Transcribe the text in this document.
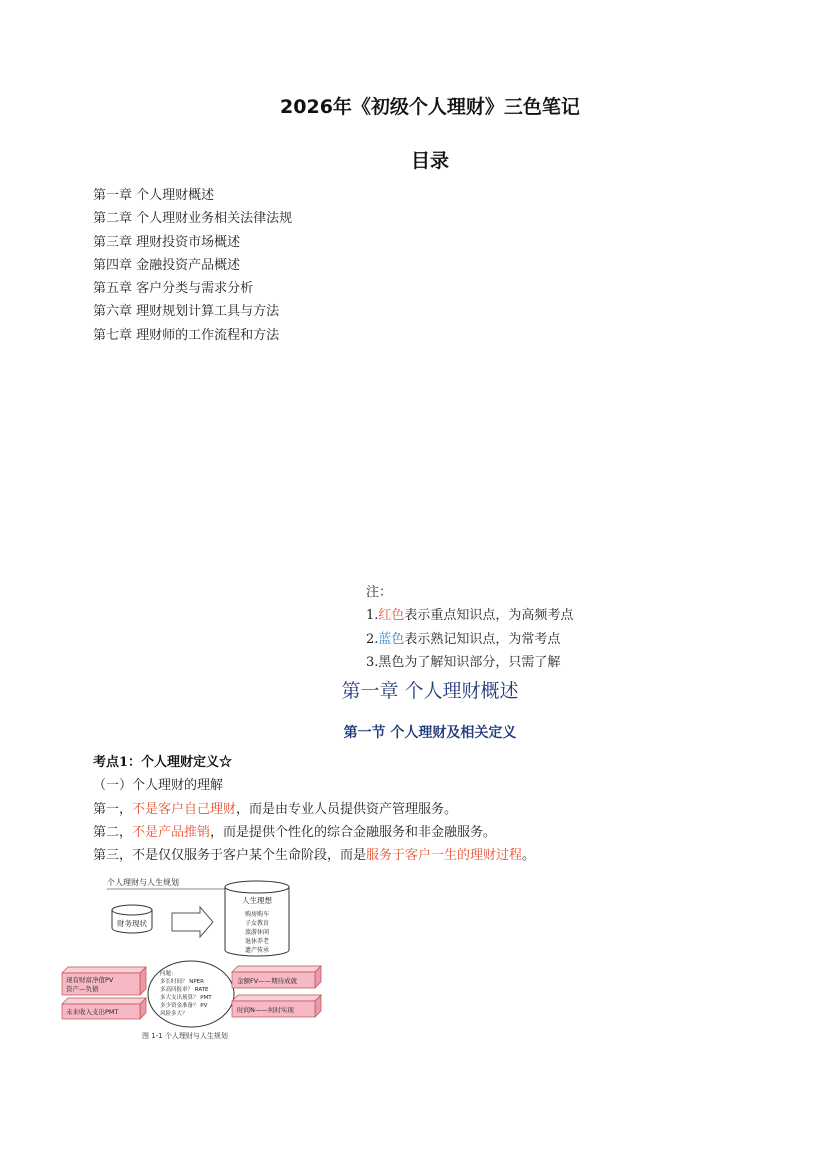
2026年《初级个人理财》三色笔记
目录
第一章 个人理财概述
第二章 个人理财业务相关法律法规
第三章 理财投资市场概述
第四章 金融投资产品概述
第五章 客户分类与需求分析
第六章 理财规划计算工具与方法
第七章 理财师的工作流程和方法
注：
1.红色表示重点知识点，为高频考点
2.蓝色表示熟记知识点，为常考点
3.黑色为了解知识部分，只需了解
第一章 个人理财概述
第一节 个人理财及相关定义
考点1：个人理财定义☆
（一）个人理财的理解
第一，不是客户自己理财，而是由专业人员提供资产管理服务。
第二，不是产品推销，而是提供个性化的综合金融服务和非金融服务。
第三，不是仅仅服务于客户某个生命阶段，而是服务于客户一生的理财过程。
个人理财与人生规划
财务现状
人生理想
购房购车
子女教育
旅游休闲
退休养老
遗产传承
现有财富净值PV
资产—负债
未来收入支出PMT
问题：
多长时间？ NPER
多高回报率？ RATE
多大支出预算？ PMT
多少资金准备？ PV
风险多大？
金额FV——期待成就
时间N——何时实现
图 1-1 个人理财与人生规划
